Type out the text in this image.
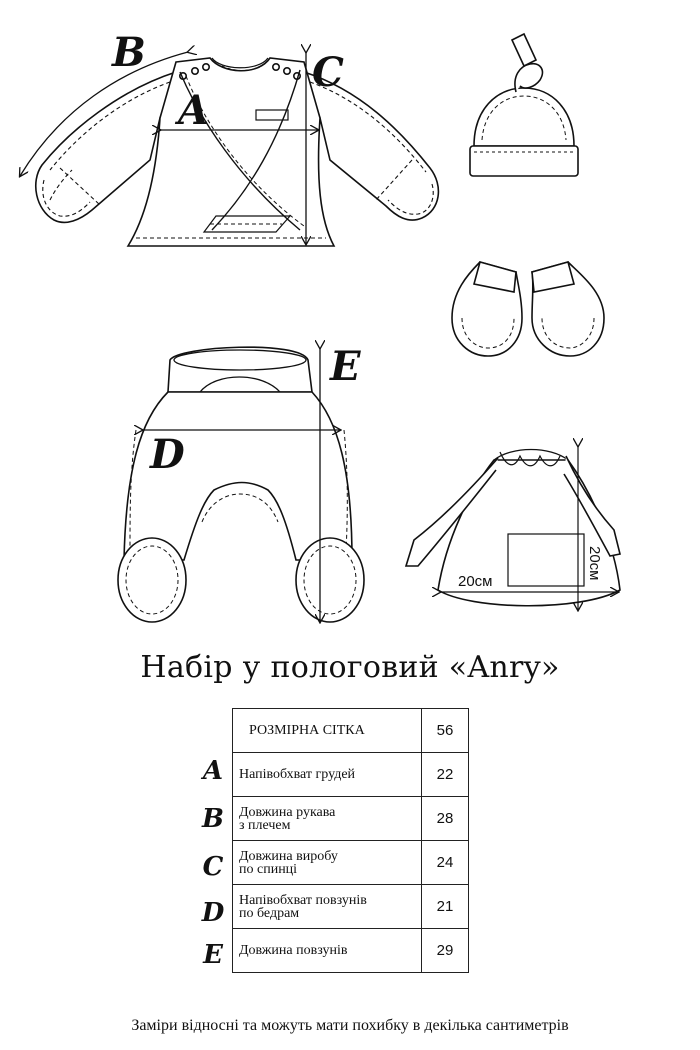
B
A
C
D
E
20см
20см
Набір у пологовий «Anry»
A
B
C
D
E
РОЗМІРНА СІТКА	56

Напівобхват грудей	22

Довжина рукава
з плечем	28

Довжина виробу
по спинці	24

Напівобхват повзунів
по бедрам	21

Довжина повзунів	29
Заміри відносні та можуть мати похибку в декілька сантиметрів
